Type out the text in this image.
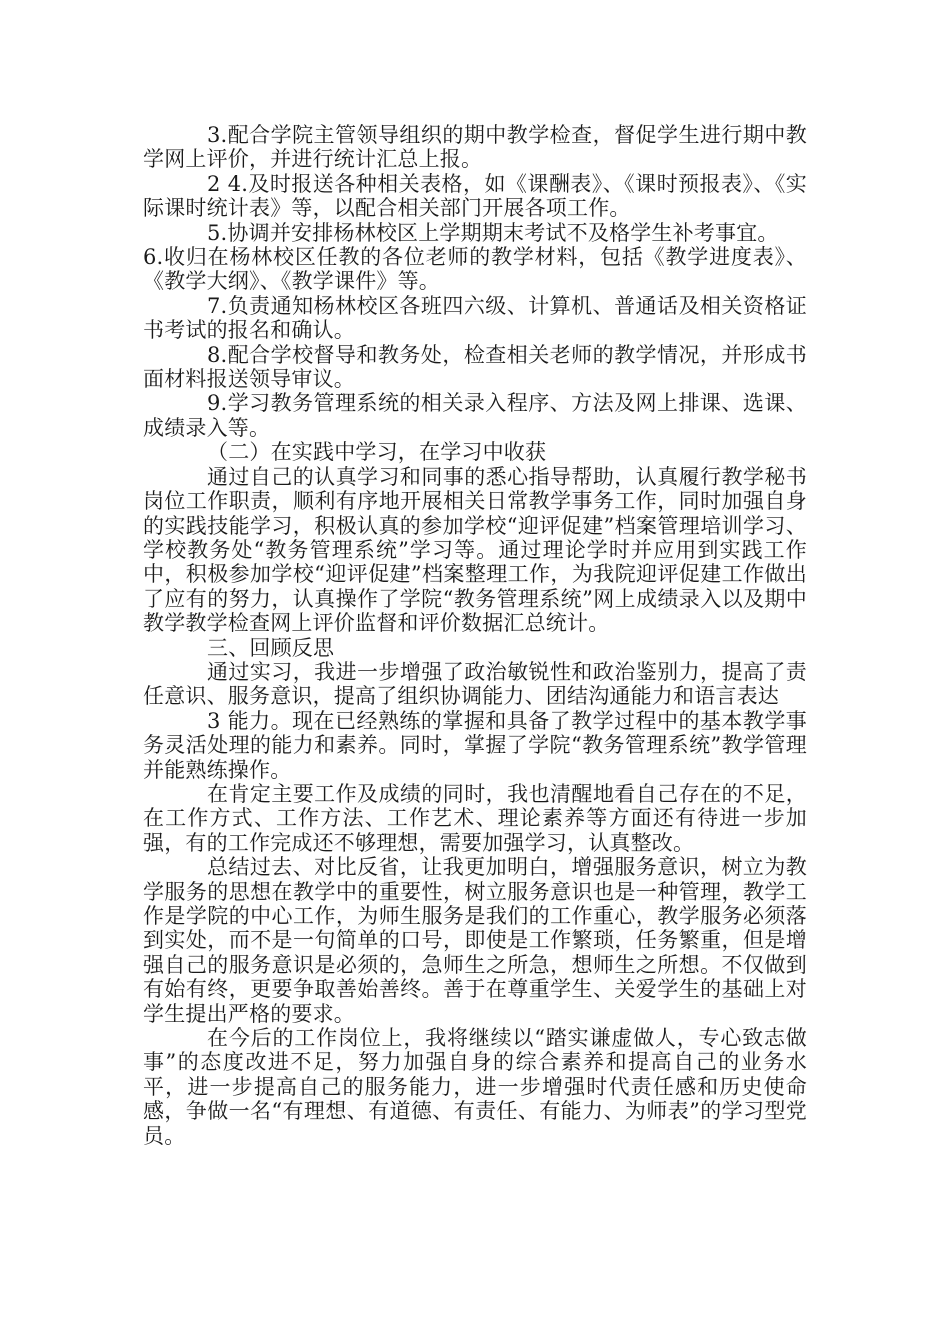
3.配合学院主管领导组织的期中教学检查，督促学生进行期中教学网上评价，并进行统计汇总上报。

2 4.及时报送各种相关表格，如《课酬表》、《课时预报表》、《实际课时统计表》等，以配合相关部门开展各项工作。

5.协调并安排杨林校区上学期期末考试不及格学生补考事宜。

6.收归在杨林校区任教的各位老师的教学材料，包括《教学进度表》、《教学大纲》、《教学课件》等。

7.负责通知杨林校区各班四六级、计算机、普通话及相关资格证书考试的报名和确认。

8.配合学校督导和教务处，检查相关老师的教学情况，并形成书面材料报送领导审议。

9.学习教务管理系统的相关录入程序、方法及网上排课、选课、成绩录入等。

（二）在实践中学习，在学习中收获

通过自己的认真学习和同事的悉心指导帮助，认真履行教学秘书岗位工作职责，顺利有序地开展相关日常教学事务工作，同时加强自身的实践技能学习，积极认真的参加学校“迎评促建”档案管理培训学习、学校教务处“教务管理系统”学习等。通过理论学时并应用到实践工作中，积极参加学校“迎评促建”档案整理工作，为我院迎评促建工作做出了应有的努力，认真操作了学院“教务管理系统”网上成绩录入以及期中教学教学检查网上评价监督和评价数据汇总统计。

三、回顾反思

通过实习，我进一步增强了政治敏锐性和政治鉴别力，提高了责任意识、服务意识，提高了组织协调能力、团结沟通能力和语言表达

3 能力。现在已经熟练的掌握和具备了教学过程中的基本教学事务灵活处理的能力和素养。同时，掌握了学院“教务管理系统”教学管理并能熟练操作。

在肯定主要工作及成绩的同时，我也清醒地看自己存在的不足，在工作方式、工作方法、工作艺术、理论素养等方面还有待进一步加强，有的工作完成还不够理想，需要加强学习，认真整改。

总结过去、对比反省，让我更加明白，增强服务意识，树立为教学服务的思想在教学中的重要性，树立服务意识也是一种管理，教学工作是学院的中心工作，为师生服务是我们的工作重心，教学服务必须落到实处，而不是一句简单的口号，即使是工作繁琐，任务繁重，但是增强自己的服务意识是必须的，急师生之所急，想师生之所想。不仅做到有始有终，更要争取善始善终。善于在尊重学生、关爱学生的基础上对学生提出严格的要求。

在今后的工作岗位上，我将继续以“踏实谦虚做人，专心致志做事”的态度改进不足，努力加强自身的综合素养和提高自己的业务水平，进一步提高自己的服务能力，进一步增强时代责任感和历史使命感，争做一名“有理想、有道德、有责任、有能力、为师表”的学习型党员。
